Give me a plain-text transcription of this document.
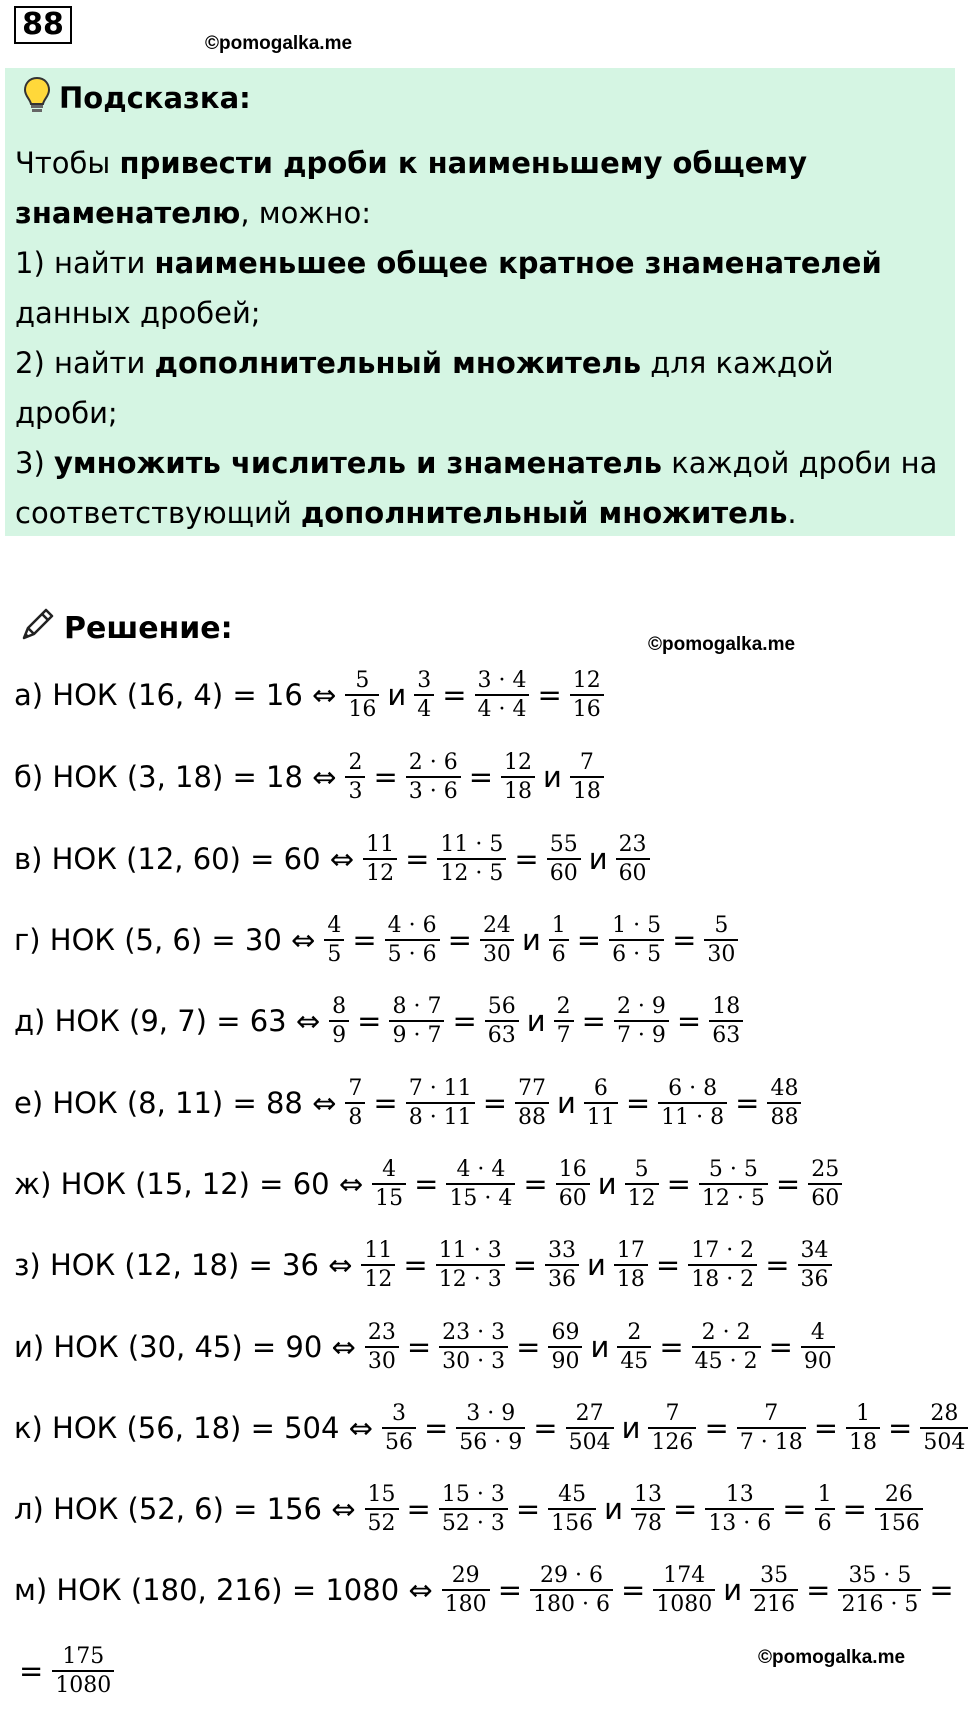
88
©pomogalka.me
Подсказка:
Чтобы привести дроби к наименьшему общему
знаменателю, можно:
1) найти наименьшее общее кратное знаменателей
данных дробей;
2) найти дополнительный множитель для каждой дроби;
3) умножить числитель и знаменатель каждой дроби на
соответствующий дополнительный множитель.
Решение:	©pomogalka.me
©pomogalka.me
а) НОК (16, 4) = 16 ⇔ $\frac{5}{16}$ и $\frac{3}{4} = \frac{3 \cdot 4}{4 \cdot 4} = \frac{12}{16}$
б) НОК (3, 18) = 18 ⇔ $\frac{2}{3} = \frac{2 \cdot 6}{3 \cdot 6} = \frac{12}{18}$ и $\frac{7}{18}$
в) НОК (12, 60) = 60 ⇔ $\frac{11}{12} = \frac{11 \cdot 5}{12 \cdot 5} = \frac{55}{60}$ и $\frac{23}{60}$
г) НОК (5, 6) = 30 ⇔ $\frac{4}{5} = \frac{4 \cdot 6}{5 \cdot 6} = \frac{24}{30}$ и $\frac{1}{6} = \frac{1 \cdot 5}{6 \cdot 5} = \frac{5}{30}$
д) НОК (9, 7) = 63 ⇔ $\frac{8}{9} = \frac{8 \cdot 7}{9 \cdot 7} = \frac{56}{63}$ и $\frac{2}{7} = \frac{2 \cdot 9}{7 \cdot 9} = \frac{18}{63}$
е) НОК (8, 11) = 88 ⇔ $\frac{7}{8} = \frac{7 \cdot 11}{8 \cdot 11} = \frac{77}{88}$ и $\frac{6}{11} = \frac{6 \cdot 8}{11 \cdot 8} = \frac{48}{88}$
ж) НОК (15, 12) = 60 ⇔ $\frac{4}{15} = \frac{4 \cdot 4}{15 \cdot 4} = \frac{16}{60}$ и $\frac{5}{12} = \frac{5 \cdot 5}{12 \cdot 5} = \frac{25}{60}$
з) НОК (12, 18) = 36 ⇔ $\frac{11}{12} = \frac{11 \cdot 3}{12 \cdot 3} = \frac{33}{36}$ и $\frac{17}{18} = \frac{17 \cdot 2}{18 \cdot 2} = \frac{34}{36}$
и) НОК (30, 45) = 90 ⇔ $\frac{23}{30} = \frac{23 \cdot 3}{30 \cdot 3} = \frac{69}{90}$ и $\frac{2}{45} = \frac{2 \cdot 2}{45 \cdot 2} = \frac{4}{90}$
к) НОК (56, 18) = 504 ⇔ $\frac{3}{56} = \frac{3 \cdot 9}{56 \cdot 9} = \frac{27}{504}$ и $\frac{7}{126} = \frac{7}{7 \cdot 18} = \frac{1}{18} = \frac{28}{504}$
л) НОК (52, 6) = 156 ⇔ $\frac{15}{52} = \frac{15 \cdot 3}{52 \cdot 3} = \frac{45}{156}$ и $\frac{13}{78} = \frac{13}{13 \cdot 6} = \frac{1}{6} = \frac{26}{156}$
м) НОК (180, 216) = 1080 ⇔ $\frac{29}{180} = \frac{29 \cdot 6}{180 \cdot 6} = \frac{174}{1080}$ и $\frac{35}{216} = \frac{35 \cdot 5}{216 \cdot 5}$ =
= $\frac{175}{1080}$
